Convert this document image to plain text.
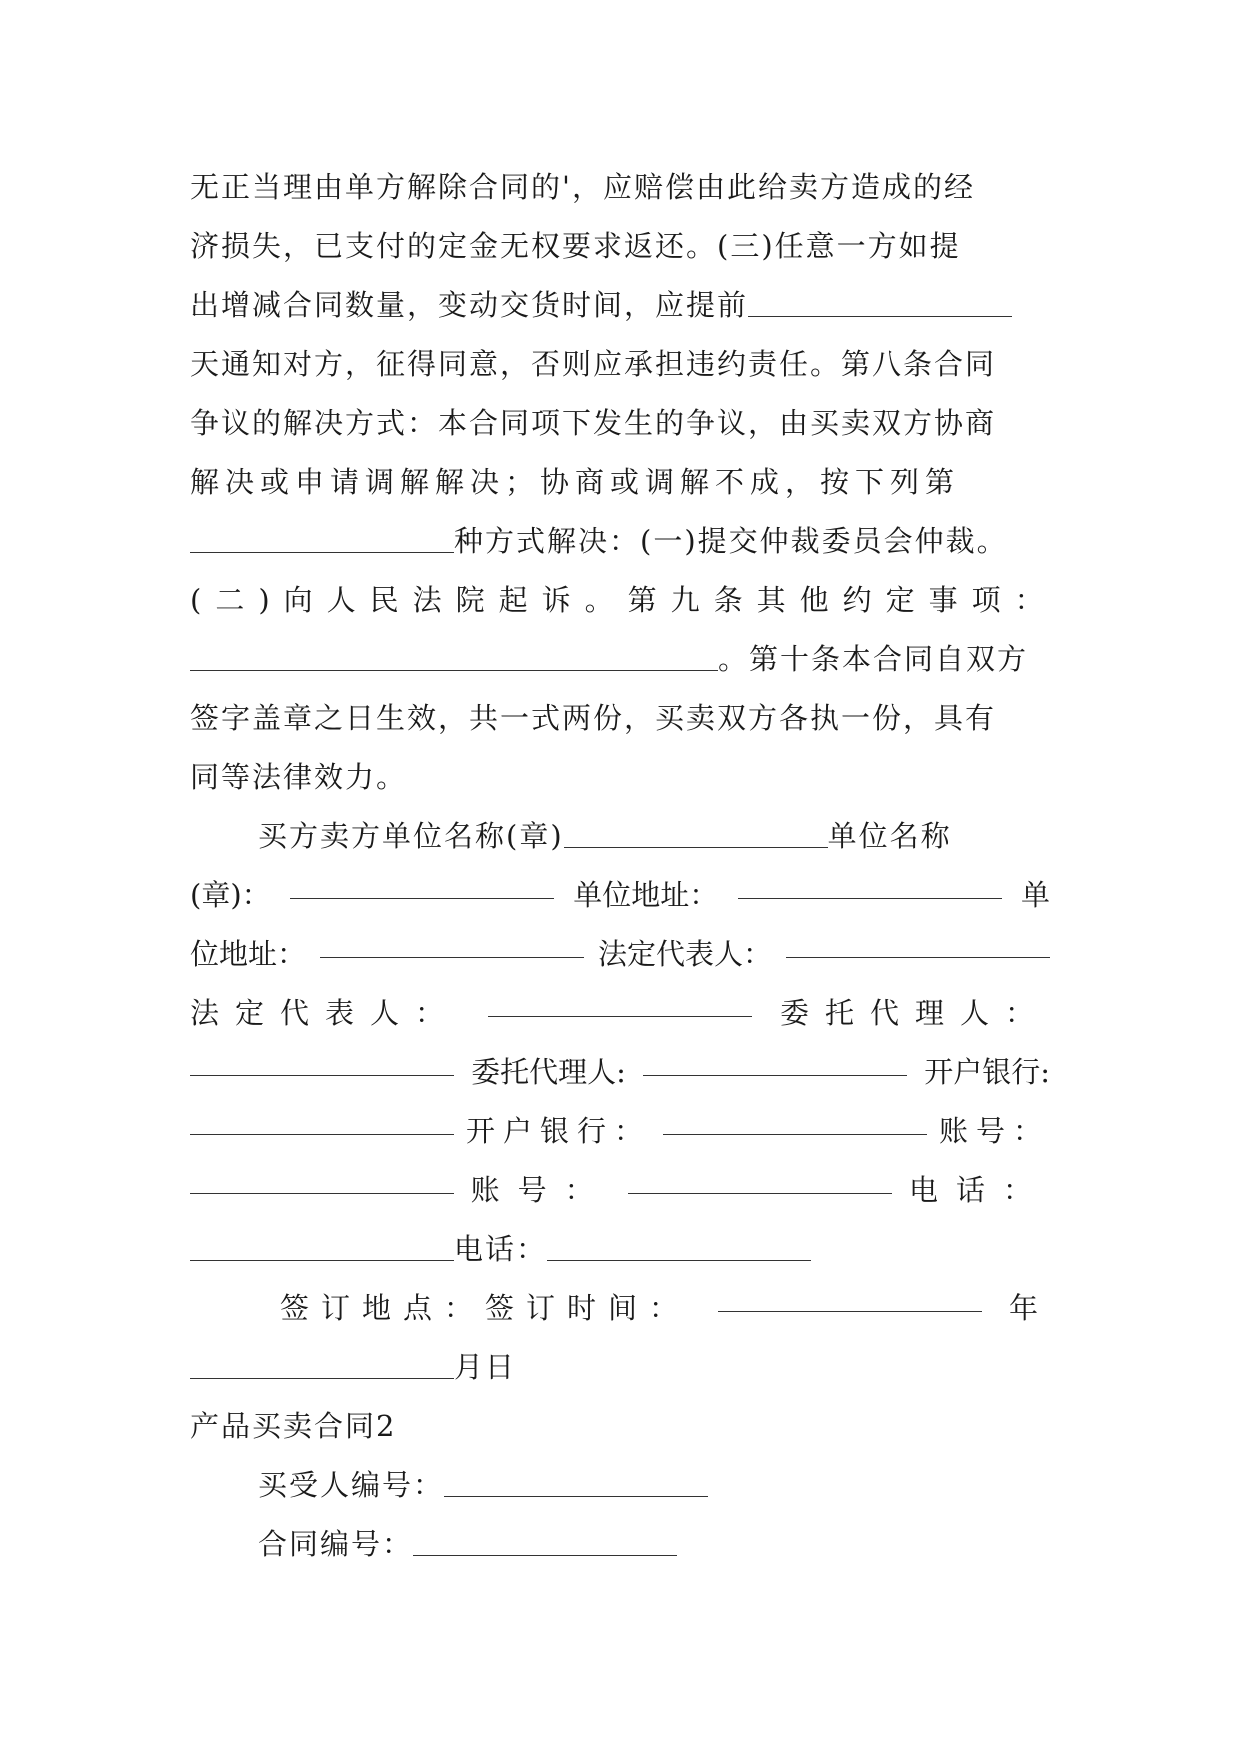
无正当理由单方解除合同的'，应赔偿由此给卖方造成的经
济损失，已支付的定金无权要求返还。(三)任意一方如提
出增减合同数量，变动交货时间，应提前
天通知对方，征得同意，否则应承担违约责任。第八条合同
争议的解决方式：本合同项下发生的争议，由买卖双方协商
解决或申请调解解决；协商或调解不成，按下列第
种方式解决：(一)提交仲裁委员会仲裁。
(二)向人民法院起诉。第九条其他约定事项：
。第十条本合同自双方
签字盖章之日生效，共一式两份，买卖双方各执一份，具有
同等法律效力。
买方卖方单位名称(章)	单位名称
(章)：	单位地址：	单
位地址：	法定代表人：
法定代表人：	委托代理人：
委托代理人:	开户银行:
开户银行：	账号：
账号：	电话：
电话：
签订地点：签订时间：	年
月日
产品买卖合同2
买受人编号：
合同编号：
